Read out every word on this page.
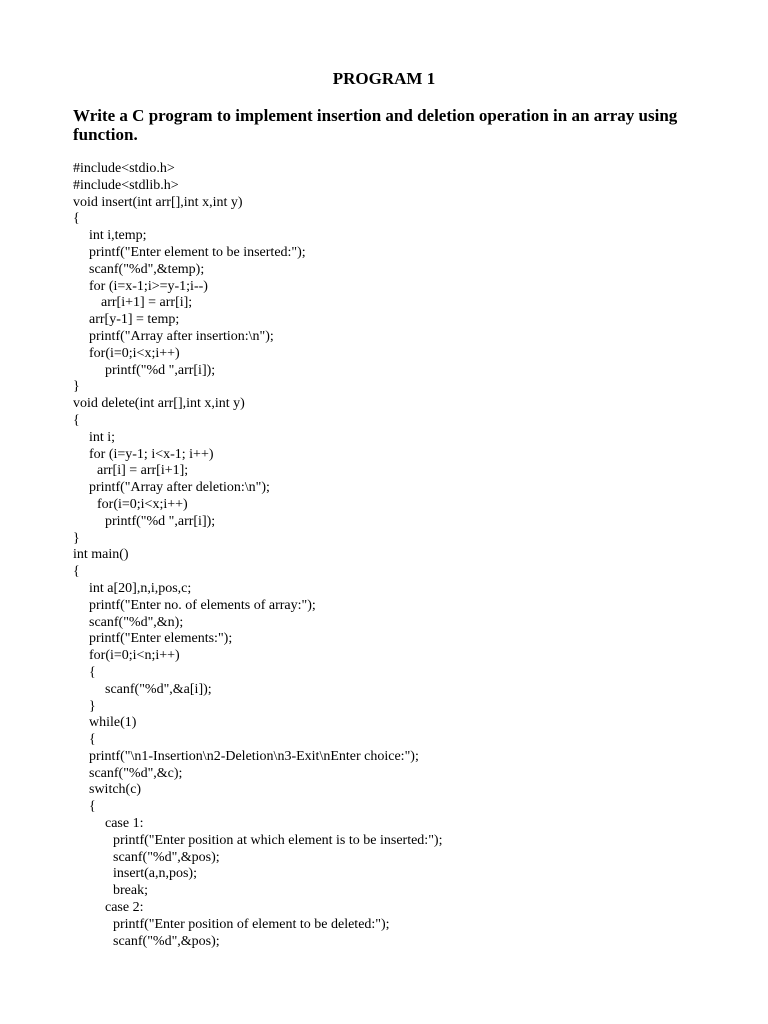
PROGRAM 1
Write a C program to implement insertion and deletion operation in an array using function.
#include<stdio.h>
#include<stdlib.h>
void insert(int arr[],int x,int y)
{
int i,temp;
printf("Enter element to be inserted:");
scanf("%d",&temp);
for (i=x-1;i>=y-1;i--)
arr[i+1] = arr[i];
arr[y-1] = temp;
printf("Array after insertion:\n");
for(i=0;i<x;i++)
printf("%d ",arr[i]);
}
void delete(int arr[],int x,int y)
{
int i;
for (i=y-1; i<x-1; i++)
arr[i] = arr[i+1];
printf("Array after deletion:\n");
for(i=0;i<x;i++)
printf("%d ",arr[i]);
}
int main()
{
int a[20],n,i,pos,c;
printf("Enter no. of elements of array:");
scanf("%d",&n);
printf("Enter elements:");
for(i=0;i<n;i++)
{
scanf("%d",&a[i]);
}
while(1)
{
printf("\n1-Insertion\n2-Deletion\n3-Exit\nEnter choice:");
scanf("%d",&c);
switch(c)
{
case 1:
printf("Enter position at which element is to be inserted:");
scanf("%d",&pos);
insert(a,n,pos);
break;
case 2:
printf("Enter position of element to be deleted:");
scanf("%d",&pos);
